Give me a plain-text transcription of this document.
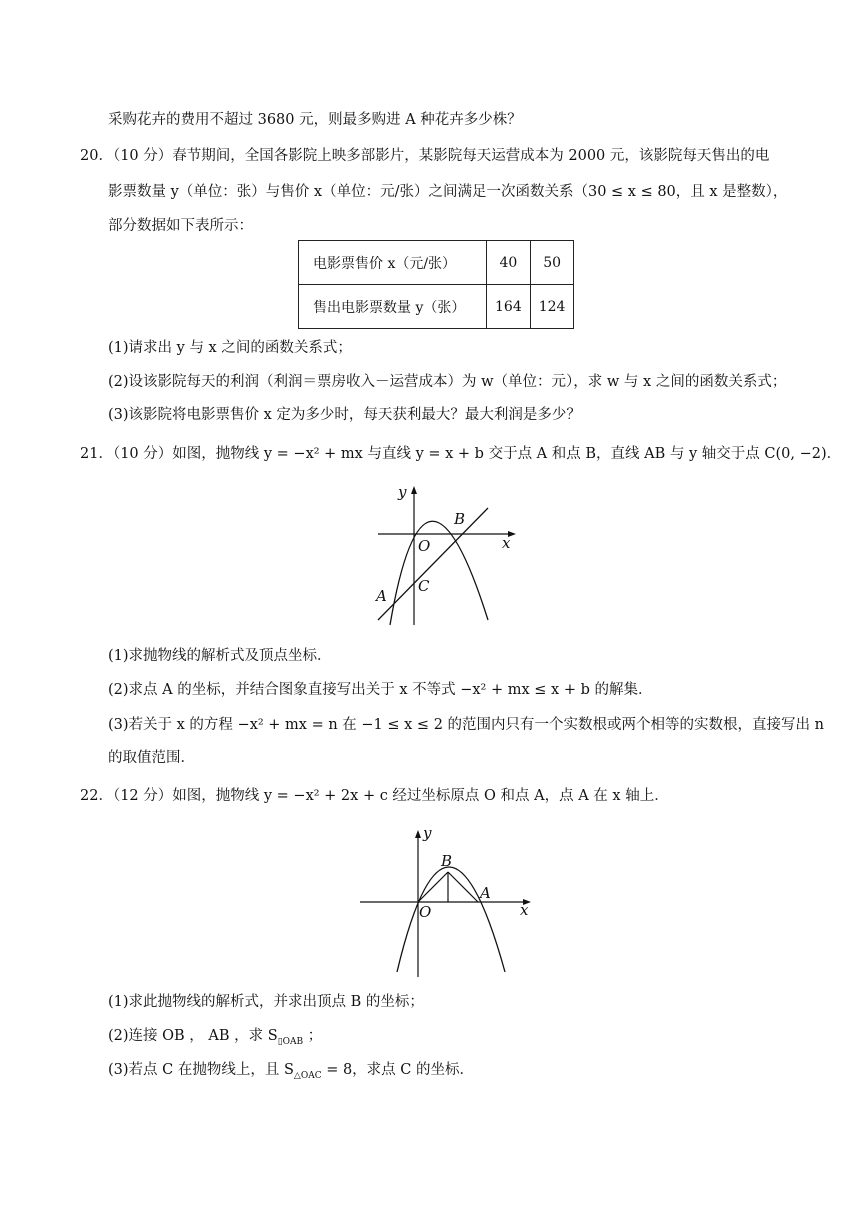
采购花卉的费用不超过 3680 元，则最多购进 A 种花卉多少株？
20．（10 分）春节期间，全国各影院上映多部影片，某影院每天运营成本为 2000 元，该影院每天售出的电
影票数量 y（单位：张）与售价 x（单位：元/张）之间满足一次函数关系（30 ≤ x ≤ 80，且 x 是整数），
部分数据如下表所示：
电影票售价 x（元/张）	40	50
售出电影票数量 y（张）	164	124
(1)请求出 y 与 x 之间的函数关系式；
(2)设该影院每天的利润（利润＝票房收入－运营成本）为 w（单位：元），求 w 与 x 之间的函数关系式；
(3)该影院将电影票售价 x 定为多少时，每天获利最大？最大利润是多少？
21．（10 分）如图，抛物线 y = −x² + mx 与直线 y = x + b 交于点 A 和点 B，直线 AB 与 y 轴交于点 C(0, −2)．
y
x
O
B
C
A
(1)求抛物线的解析式及顶点坐标．
(2)求点 A 的坐标，并结合图象直接写出关于 x 不等式 −x² + mx ≤ x + b 的解集．
(3)若关于 x 的方程 −x² + mx = n 在 −1 ≤ x ≤ 2 的范围内只有一个实数根或两个相等的实数根，直接写出 n
的取值范围．
22．（12 分）如图，抛物线 y = −x² + 2x + c 经过坐标原点 O 和点 A，点 A 在 x 轴上．
y
x
O
B
A
(1)求此抛物线的解析式，并求出顶点 B 的坐标；
(2)连接 OB ， AB ，求 $S_{▯OAB}$ ；
(3)若点 C 在抛物线上，且 $S_{\triangle OAC} = 8$，求点 C 的坐标．
